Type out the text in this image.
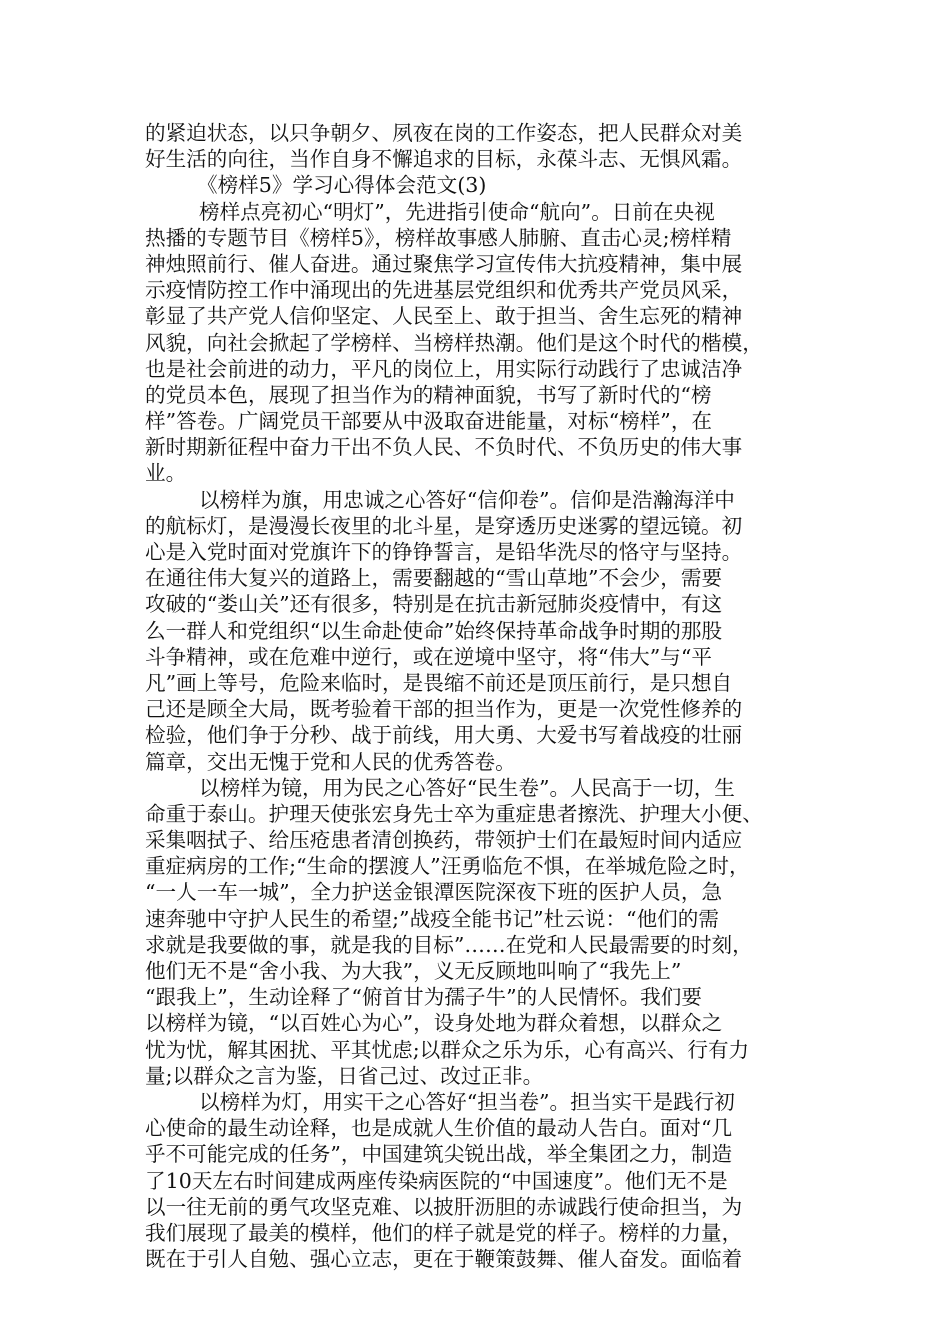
的紧迫状态，以只争朝夕、夙夜在岗的工作姿态，把人民群众对美
好生活的向往，当作自身不懈追求的目标，永葆斗志、无惧风霜。
《榜样5》学习心得体会范文(3)
榜样点亮初心“明灯”，先进指引使命“航向”。日前在央视
热播的专题节目《榜样5》，榜样故事感人肺腑、直击心灵;榜样精
神烛照前行、催人奋进。通过聚焦学习宣传伟大抗疫精神，集中展
示疫情防控工作中涌现出的先进基层党组织和优秀共产党员风采，
彰显了共产党人信仰坚定、人民至上、敢于担当、舍生忘死的精神
风貌，向社会掀起了学榜样、当榜样热潮。他们是这个时代的楷模，
也是社会前进的动力，平凡的岗位上，用实际行动践行了忠诚洁净
的党员本色，展现了担当作为的精神面貌，书写了新时代的“榜
样”答卷。广阔党员干部要从中汲取奋进能量，对标“榜样”，在
新时期新征程中奋力干出不负人民、不负时代、不负历史的伟大事
业。
以榜样为旗，用忠诚之心答好“信仰卷”。信仰是浩瀚海洋中
的航标灯，是漫漫长夜里的北斗星，是穿透历史迷雾的望远镜。初
心是入党时面对党旗许下的铮铮誓言，是铅华洗尽的恪守与坚持。
在通往伟大复兴的道路上，需要翻越的“雪山草地”不会少，需要
攻破的“娄山关”还有很多，特别是在抗击新冠肺炎疫情中，有这
么一群人和党组织“以生命赴使命”始终保持革命战争时期的那股
斗争精神，或在危难中逆行，或在逆境中坚守，将“伟大”与“平
凡”画上等号，危险来临时，是畏缩不前还是顶压前行，是只想自
己还是顾全大局，既考验着干部的担当作为，更是一次党性修养的
检验，他们争于分秒、战于前线，用大勇、大爱书写着战疫的壮丽
篇章，交出无愧于党和人民的优秀答卷。
以榜样为镜，用为民之心答好“民生卷”。人民高于一切，生
命重于泰山。护理天使张宏身先士卒为重症患者擦洗、护理大小便、
采集咽拭子、给压疮患者清创换药，带领护士们在最短时间内适应
重症病房的工作;“生命的摆渡人”汪勇临危不惧，在举城危险之时，
“一人一车一城”，全力护送金银潭医院深夜下班的医护人员，急
速奔驰中守护人民生的希望;”战疫全能书记”杜云说：“他们的需
求就是我要做的事，就是我的目标”……在党和人民最需要的时刻，
他们无不是“舍小我、为大我”，义无反顾地叫响了“我先上”
“跟我上”，生动诠释了“俯首甘为孺子牛”的人民情怀。我们要
以榜样为镜，“以百姓心为心”，设身处地为群众着想，以群众之
忧为忧，解其困扰、平其忧虑;以群众之乐为乐，心有高兴、行有力
量;以群众之言为鉴，日省己过、改过正非。
以榜样为灯，用实干之心答好“担当卷”。担当实干是践行初
心使命的最生动诠释，也是成就人生价值的最动人告白。面对“几
乎不可能完成的任务”，中国建筑尖锐出战，举全集团之力，制造
了10天左右时间建成两座传染病医院的“中国速度”。他们无不是
以一往无前的勇气攻坚克难、以披肝沥胆的赤诚践行使命担当，为
我们展现了最美的模样，他们的样子就是党的样子。榜样的力量，
既在于引人自勉、强心立志，更在于鞭策鼓舞、催人奋发。面临着
